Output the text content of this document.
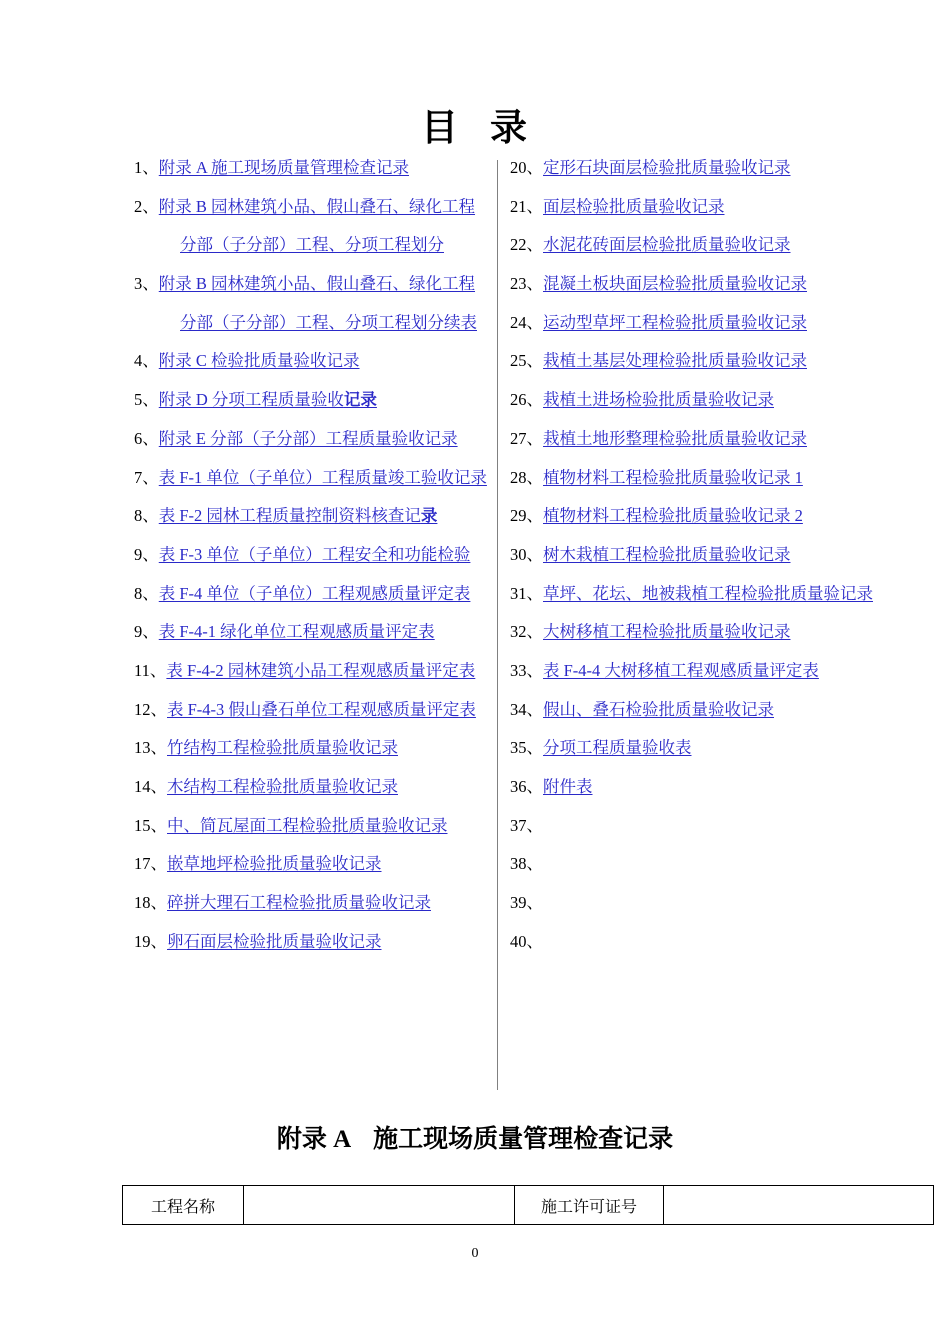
目 录
1、附录 A 施工现场质量管理检查记录
2、附录 B 园林建筑小品、假山叠石、绿化工程
分部（子分部）工程、分项工程划分
3、附录 B 园林建筑小品、假山叠石、绿化工程
分部（子分部）工程、分项工程划分续表
4、附录 C 检验批质量验收记录
5、附录 D 分项工程质量验收记录
6、附录 E 分部（子分部）工程质量验收记录
7、表 F-1 单位（子单位）工程质量竣工验收记录
8、表 F-2 园林工程质量控制资料核查记录
9、表 F-3 单位（子单位）工程安全和功能检验
8、表 F-4 单位（子单位）工程观感质量评定表
9、表 F-4-1 绿化单位工程观感质量评定表
11、表 F-4-2 园林建筑小品工程观感质量评定表
12、表 F-4-3 假山叠石单位工程观感质量评定表
13、竹结构工程检验批质量验收记录
14、木结构工程检验批质量验收记录
15、中、简瓦屋面工程检验批质量验收记录
17、嵌草地坪检验批质量验收记录
18、碎拼大理石工程检验批质量验收记录
19、卵石面层检验批质量验收记录
20、定形石块面层检验批质量验收记录
21、面层检验批质量验收记录
22、水泥花砖面层检验批质量验收记录
23、混凝土板块面层检验批质量验收记录
24、运动型草坪工程检验批质量验收记录
25、栽植土基层处理检验批质量验收记录
26、栽植土进场检验批质量验收记录
27、栽植土地形整理检验批质量验收记录
28、植物材料工程检验批质量验收记录 1
29、植物材料工程检验批质量验收记录 2
30、树木栽植工程检验批质量验收记录
31、草坪、花坛、地被栽植工程检验批质量验记录
32、大树移植工程检验批质量验收记录
33、表 F-4-4 大树移植工程观感质量评定表
34、假山、叠石检验批质量验收记录
35、分项工程质量验收表
36、附件表
37、
38、
39、
40、
附录 A 施工现场质量管理检查记录
工程名称		施工许可证号	
0
